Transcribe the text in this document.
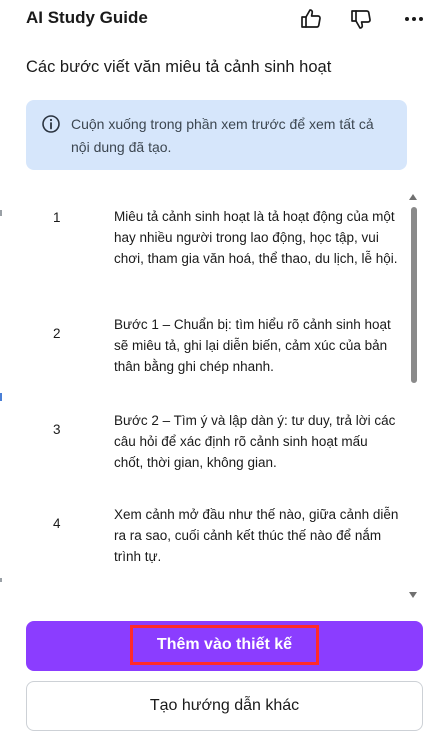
AI Study Guide
Các bước viết văn miêu tả cảnh sinh hoạt
Cuộn xuống trong phần xem trước để xem tất cả nội dung đã tạo.
1	Miêu tả cảnh sinh hoạt là tả hoạt động của một hay nhiều người trong lao động, học tập, vui chơi, tham gia văn hoá, thể thao, du lịch, lễ hội.
2
Bước 1 – Chuẩn bị: tìm hiểu rõ cảnh sinh hoạt sẽ miêu tả, ghi lại diễn biến, cảm xúc của bản thân bằng ghi chép nhanh.
3
Bước 2 – Tìm ý và lập dàn ý: tư duy, trả lời các câu hỏi để xác định rõ cảnh sinh hoạt mấu chốt, thời gian, không gian.
4
Xem cảnh mở đầu như thế nào, giữa cảnh diễn ra ra sao, cuối cảnh kết thúc thế nào để nắm trình tự.
Thêm vào thiết kế
Tạo hướng dẫn khác
